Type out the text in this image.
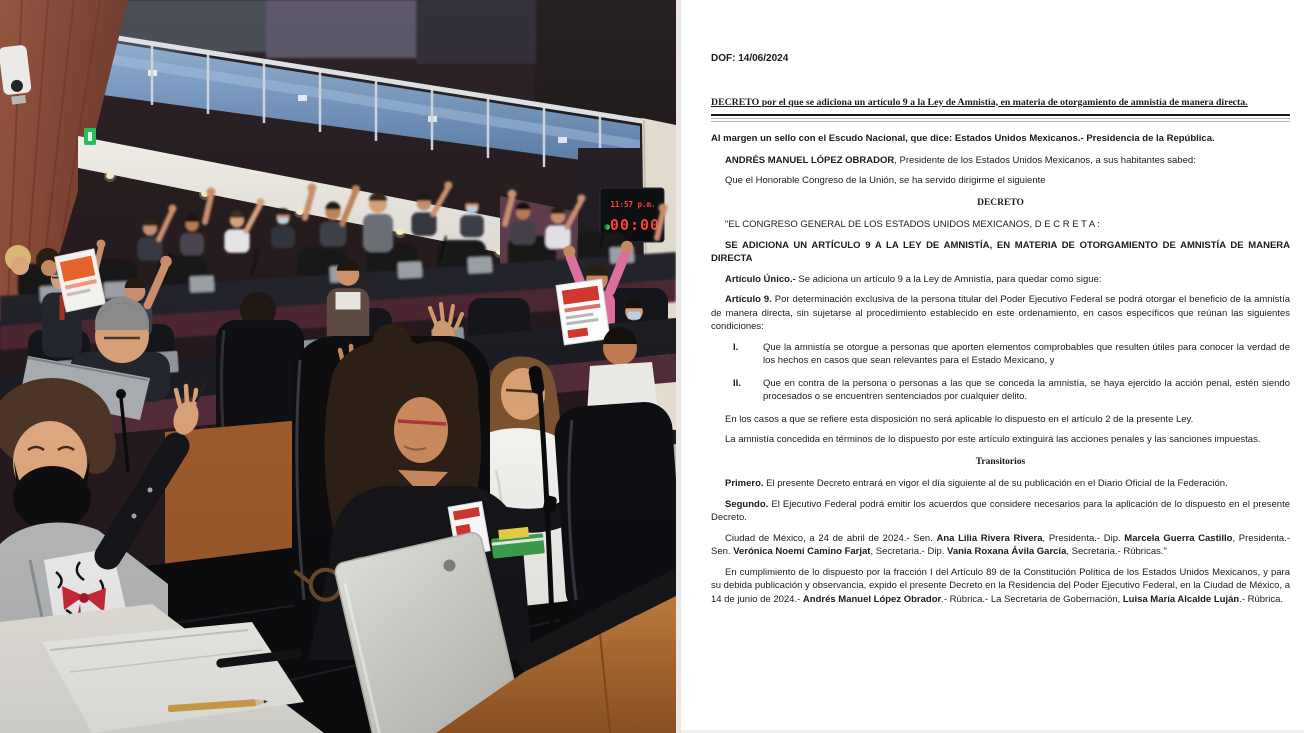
DOF: 14/06/2024
DECRETO por el que se adiciona un artículo 9 a la Ley de Amnistía, en materia de otorgamiento de amnistía de manera directa.
Al margen un sello con el Escudo Nacional, que dice: Estados Unidos Mexicanos.- Presidencia de la República.
ANDRÉS MANUEL LÓPEZ OBRADOR, Presidente de los Estados Unidos Mexicanos, a sus habitantes sabed:
Que el Honorable Congreso de la Unión, se ha servido dirigirme el siguiente
DECRETO
"EL CONGRESO GENERAL DE LOS ESTADOS UNIDOS MEXICANOS, D E C R E T A :
SE ADICIONA UN ARTÍCULO 9 A LA LEY DE AMNISTÍA, EN MATERIA DE OTORGAMIENTO DE AMNISTÍA DE MANERA DIRECTA
Artículo Único.- Se adiciona un artículo 9 a la Ley de Amnistía, para quedar como sigue:
Artículo 9. Por determinación exclusiva de la persona titular del Poder Ejecutivo Federal se podrá otorgar el beneficio de la amnistía de manera directa, sin sujetarse al procedimiento establecido en este ordenamiento, en casos específicos que reúnan las siguientes condiciones:
I.	Que la amnistía se otorgue a personas que aporten elementos comprobables que resulten útiles para conocer la verdad de los hechos en casos que sean relevantes para el Estado Mexicano, y
II.	Que en contra de la persona o personas a las que se conceda la amnistía, se haya ejercido la acción penal, estén siendo procesados o se encuentren sentenciados por cualquier delito.
En los casos a que se refiere esta disposición no será aplicable lo dispuesto en el artículo 2 de la presente Ley.
La amnistía concedida en términos de lo dispuesto por este artículo extinguirá las acciones penales y las sanciones impuestas.
Transitorios
Primero. El presente Decreto entrará en vigor el día siguiente al de su publicación en el Diario Oficial de la Federación.
Segundo. El Ejecutivo Federal podrá emitir los acuerdos que considere necesarios para la aplicación de lo dispuesto en el presente Decreto.
Ciudad de México, a 24 de abril de 2024.- Sen. Ana Lilia Rivera Rivera, Presidenta.- Dip. Marcela Guerra Castillo, Presidenta.- Sen. Verónica Noemí Camino Farjat, Secretaria.- Dip. Vania Roxana Ávila García, Secretaria.- Rúbricas."
En cumplimiento de lo dispuesto por la fracción I del Artículo 89 de la Constitución Política de los Estados Unidos Mexicanos, y para su debida publicación y observancia, expido el presente Decreto en la Residencia del Poder Ejecutivo Federal, en la Ciudad de México, a 14 de junio de 2024.- Andrés Manuel López Obrador.- Rúbrica.- La Secretaria de Gobernación, Luisa María Alcalde Luján.- Rúbrica.
